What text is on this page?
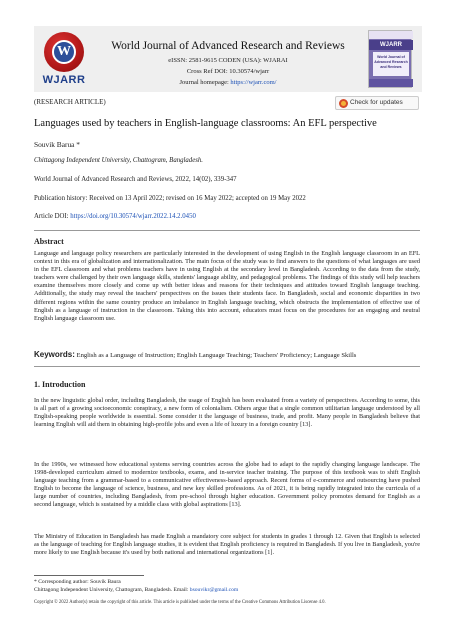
W
WJARR
World Journal of Advanced Research and Reviews
eISSN: 2581-9615 CODEN (USA): WJARAI
Cross Ref DOI: 10.30574/wjarr
Journal homepage: https://wjarr.com/
WJARR
World Journal of Advanced Research and Reviews
(RESEARCH ARTICLE)	Check for updates
Languages used by teachers in English-language classrooms: An EFL perspective
Souvik Barua *
Chittagong Independent University, Chattogram, Bangladesh.
World Journal of Advanced Research and Reviews, 2022, 14(02), 339-347
Publication history: Received on 13 April 2022; revised on 16 May 2022; accepted on 19 May 2022
Article DOI: https://doi.org/10.30574/wjarr.2022.14.2.0450
Abstract
Language and language policy researchers are particularly interested in the development of using English in the English language classroom in an EFL context in this era of globalization and internationalization. The main focus of the study was to find answers to the questions of what languages are used in the EFL classroom and what problems teachers have in using English at the secondary level in Bangladesh. According to the data from the study, teachers were challenged by their own language skills, students' language ability, and pedagogical problems. The findings of this study will help teachers examine themselves more closely and come up with better ideas and reasons for their techniques and attitudes toward English language teaching. Additionally, the study may reveal the teachers' perspectives on the issues their students face. In Bangladesh, social and economic disparities in two different regions within the same country produce an imbalance in English language teaching, which obstructs the implementation of effective use of English as a language of instruction in the classroom. Taking this into account, educators must focus on the procedures for an engaging and neutral English language classroom use.
Keywords: English as a Language of Instruction; English Language Teaching; Teachers' Proficiency; Language Skills
1. Introduction
In the new linguistic global order, including Bangladesh, the usage of English has been evaluated from a variety of perspectives. According to some, this is all part of a growing socioeconomic conspiracy, a new form of colonialism. Others argue that a single common utilitarian language understood by all English-speaking people worldwide is essential. Some consider it the language of business, trade, and profit. Many people in Bangladesh believe that learning English will aid them in obtaining high-profile jobs and even a life of luxury in a foreign country [13].
In the 1990s, we witnessed how educational systems serving countries across the globe had to adapt to the rapidly changing language landscape. The 1998-developed curriculum aimed to modernize textbooks, exams, and in-service teacher training. The purpose of this textbook was to shift English language teaching from a grammar-based to a communicative effectiveness-based approach. Recent forms of e-commerce and outsourcing have pushed English to become the language of science, business, and new key skilled professions. As of 2021, it is being rapidly integrated into the curricula of a large number of countries, including Bangladesh, from pre-school through higher education. Government policy promotes demand for English as a second language, which is sustained by a middle class with global aspirations [13].
The Ministry of Education in Bangladesh has made English a mandatory core subject for students in grades 1 through 12. Given that English is selected as the language of teaching for English language studies, it is evident that English proficiency is required in Bangladesh. If you live in Bangladesh, you're more likely to use English because it's used by both national and international organizations [1].
* Corresponding author: Souvik Baura
Chittagong Independent University, Chattogram, Bangladesh. Email: bsouvikr@gmail.com
Copyright © 2022 Author(s) retain the copyright of this article. This article is published under the terms of the Creative Commons Attribution Liscense 4.0.
